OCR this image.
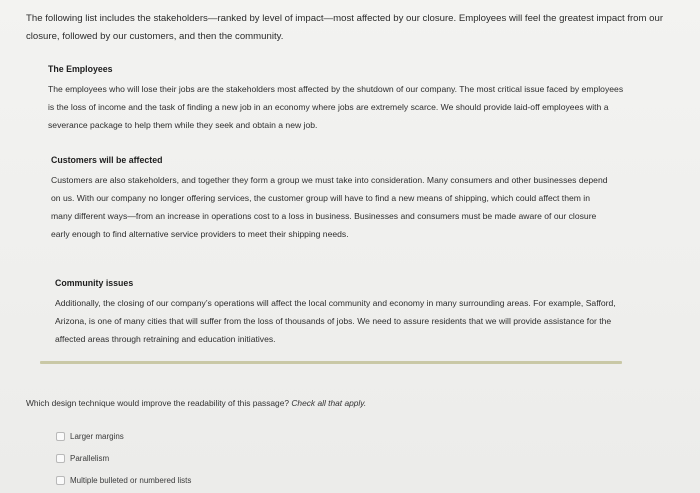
The following list includes the stakeholders—ranked by level of impact—most affected by our closure. Employees will feel the greatest impact from our closure, followed by our customers, and then the community.
The Employees

The employees who will lose their jobs are the stakeholders most affected by the shutdown of our company. The most critical issue faced by employees is the loss of income and the task of finding a new job in an economy where jobs are extremely scarce. We should provide laid-off employees with a severance package to help them while they seek and obtain a new job.

Customers will be affected

Customers are also stakeholders, and together they form a group we must take into consideration. Many consumers and other businesses depend on us. With our company no longer offering services, the customer group will have to find a new means of shipping, which could affect them in many different ways—from an increase in operations cost to a loss in business. Businesses and consumers must be made aware of our closure early enough to find alternative service providers to meet their shipping needs.

Community issues

Additionally, the closing of our company’s operations will affect the local community and economy in many surrounding areas. For example, Safford, Arizona, is one of many cities that will suffer from the loss of thousands of jobs. We need to assure residents that we will provide assistance for the affected areas through retraining and education initiatives.

Which design technique would improve the readability of this passage? Check all that apply.
Larger margins
Parallelism
Multiple bulleted or numbered lists
